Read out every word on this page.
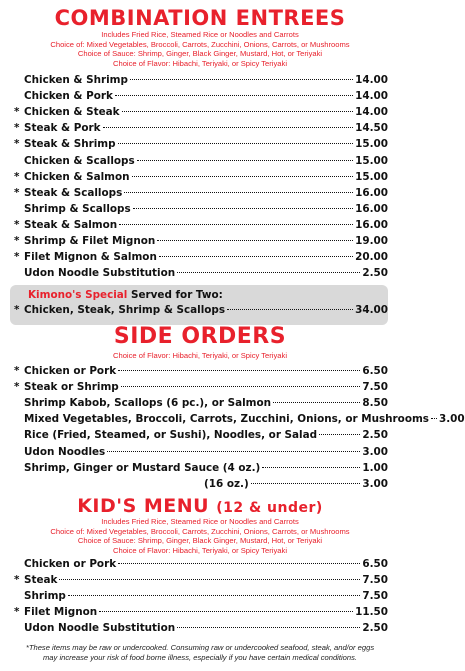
COMBINATION ENTREES
Includes Fried Rice, Steamed Rice or Noodles and Carrots
Choice of: Mixed Vegetables, Broccoli, Carrots, Zucchini, Onions, Carrots, or Mushrooms
Choice of Sauce: Shrimp, Ginger, Black Ginger, Mustard, Hot, or Teriyaki
Choice of Flavor: Hibachi, Teriyaki, or Spicy Teriyaki
Chicken & Shrimp	14.00
Chicken & Pork	14.00
* Chicken & Steak	14.00
* Steak & Pork	14.50
* Steak & Shrimp	15.00
Chicken & Scallops	15.00
* Chicken & Salmon	15.00
* Steak & Scallops	16.00
Shrimp & Scallops	16.00
* Steak & Salmon	16.00
* Shrimp & Filet Mignon	19.00
* Filet Mignon & Salmon	20.00
Udon Noodle Substitution	2.50
Kimono's Special Served for Two:
* Chicken, Steak, Shrimp & Scallops	34.00
SIDE ORDERS
Choice of Flavor: Hibachi, Teriyaki, or Spicy Teriyaki
* Chicken or Pork	6.50
* Steak or Shrimp	7.50
Shrimp Kabob, Scallops (6 pc.), or Salmon	8.50
Mixed Vegetables, Broccoli, Carrots, Zucchini, Onions, or Mushrooms 3.00
Rice (Fried, Steamed, or Sushi), Noodles, or Salad	2.50
Udon Noodles	3.00
Shrimp, Ginger or Mustard Sauce (4 oz.)	1.00
(16 oz.)	3.00
KID'S MENU (12 & under)
Includes Fried Rice, Steamed Rice or Noodles and Carrots
Choice of: Mixed Vegetables, Broccoli, Carrots, Zucchini, Onions, Carrots, or Mushrooms
Choice of Sauce: Shrimp, Ginger, Black Ginger, Mustard, Hot, or Teriyaki
Choice of Flavor: Hibachi, Teriyaki, or Spicy Teriyaki
Chicken or Pork	6.50
* Steak	7.50
Shrimp	7.50
* Filet Mignon	11.50
Udon Noodle Substitution	2.50
*These items may be raw or undercooked. Consuming raw or undercooked seafood, steak, and/or eggs
may increase your risk of food borne illness, especially if you have certain medical conditions.
